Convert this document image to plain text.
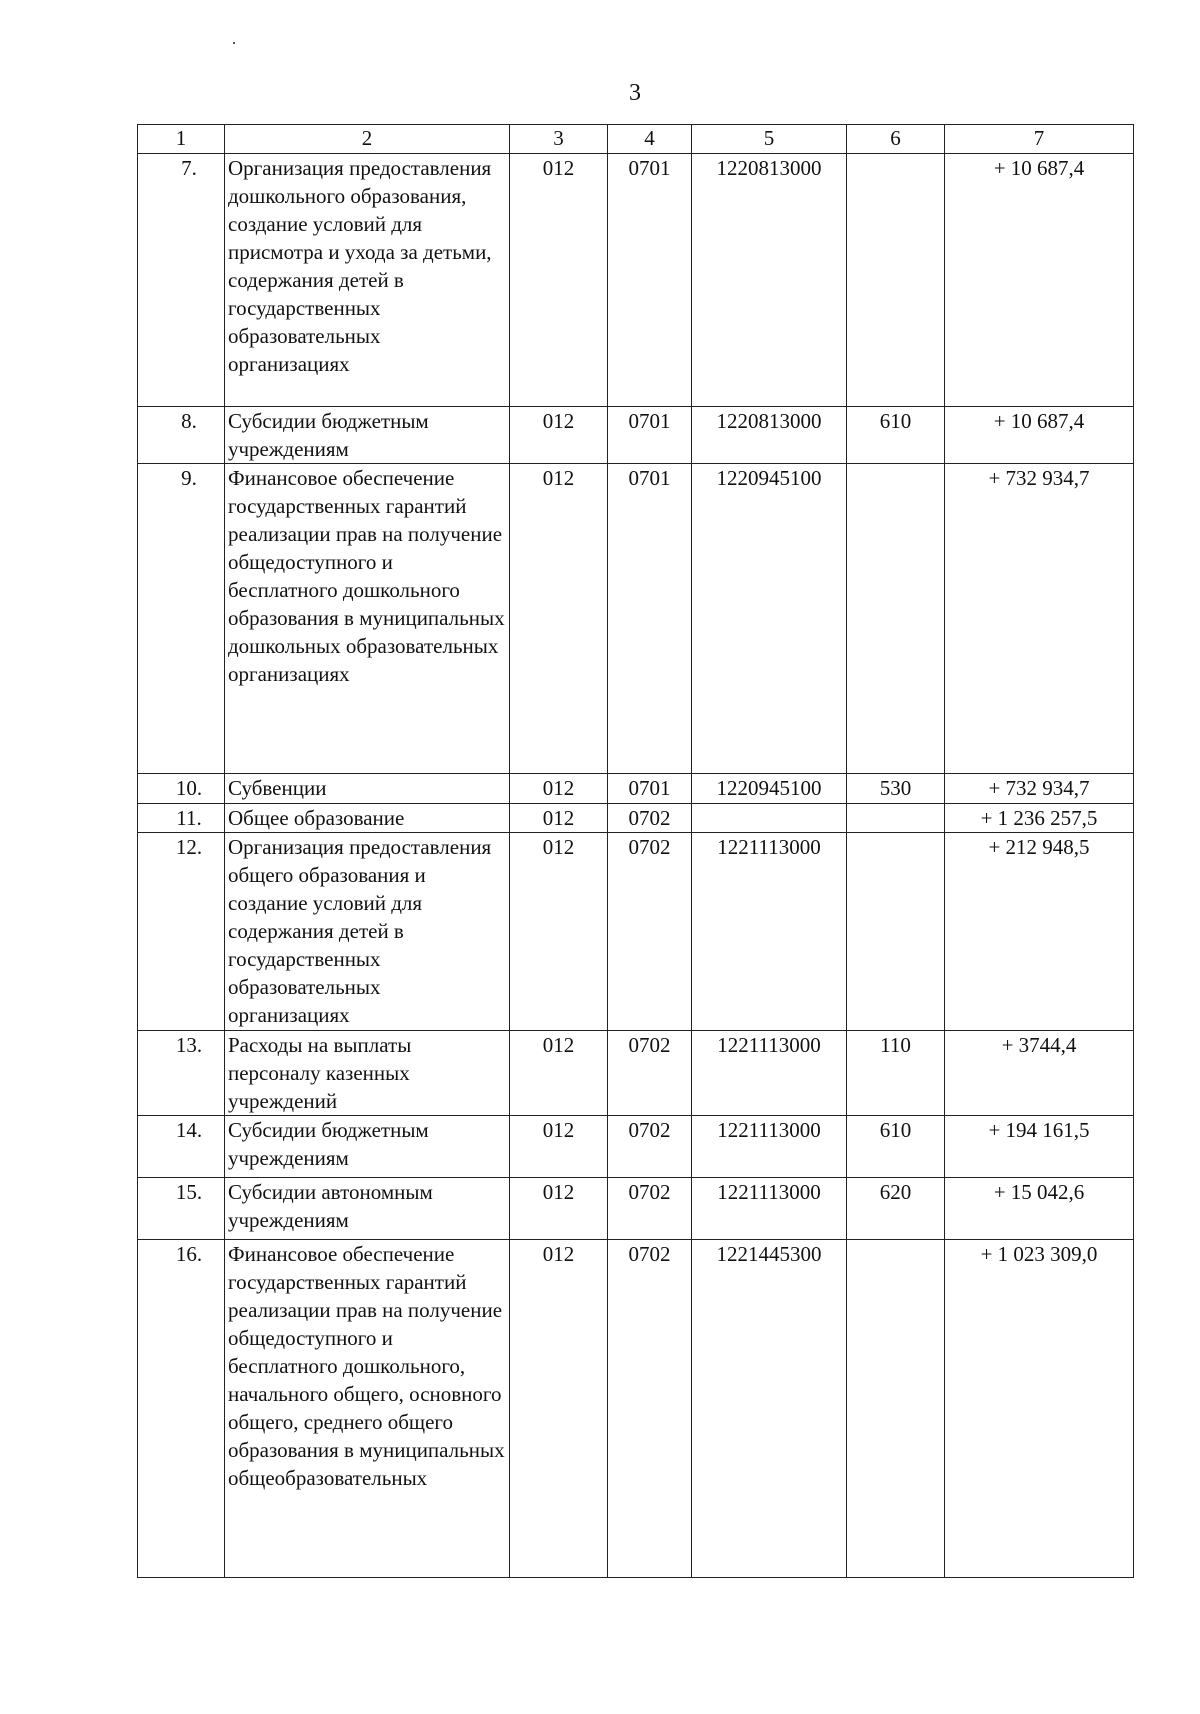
3
1	2	3	4	5	6	7
7.	Организация предоставления дошкольного образования, создание условий для присмотра и ухода за детьми, содержания детей в государственных образовательных организациях	012	0701	1220813000		+ 10 687,4
8.	Субсидии бюджетным учреждениям	012	0701	1220813000	610	+ 10 687,4
9.	Финансовое обеспечение государственных гарантий реализации прав на получение общедоступного и бесплатного дошкольного образования в муниципальных дошкольных образовательных организациях	012	0701	1220945100		+ 732 934,7
10.	Субвенции	012	0701	1220945100	530	+ 732 934,7
11.	Общее образование	012	0702			+ 1 236 257,5
12.	Организация предоставления общего образования и создание условий для содержания детей в государственных образовательных организациях	012	0702	1221113000		+ 212 948,5
13.	Расходы на выплаты персоналу казенных учреждений	012	0702	1221113000	110	+ 3744,4
14.	Субсидии бюджетным учреждениям	012	0702	1221113000	610	+ 194 161,5
15.	Субсидии автономным учреждениям	012	0702	1221113000	620	+ 15 042,6
16.	Финансовое обеспечение государственных гарантий реализации прав на получение общедоступного и бесплатного дошкольного, начального общего, основного общего, среднего общего образования в муниципальных общеобразовательных	012	0702	1221445300		+ 1 023 309,0
